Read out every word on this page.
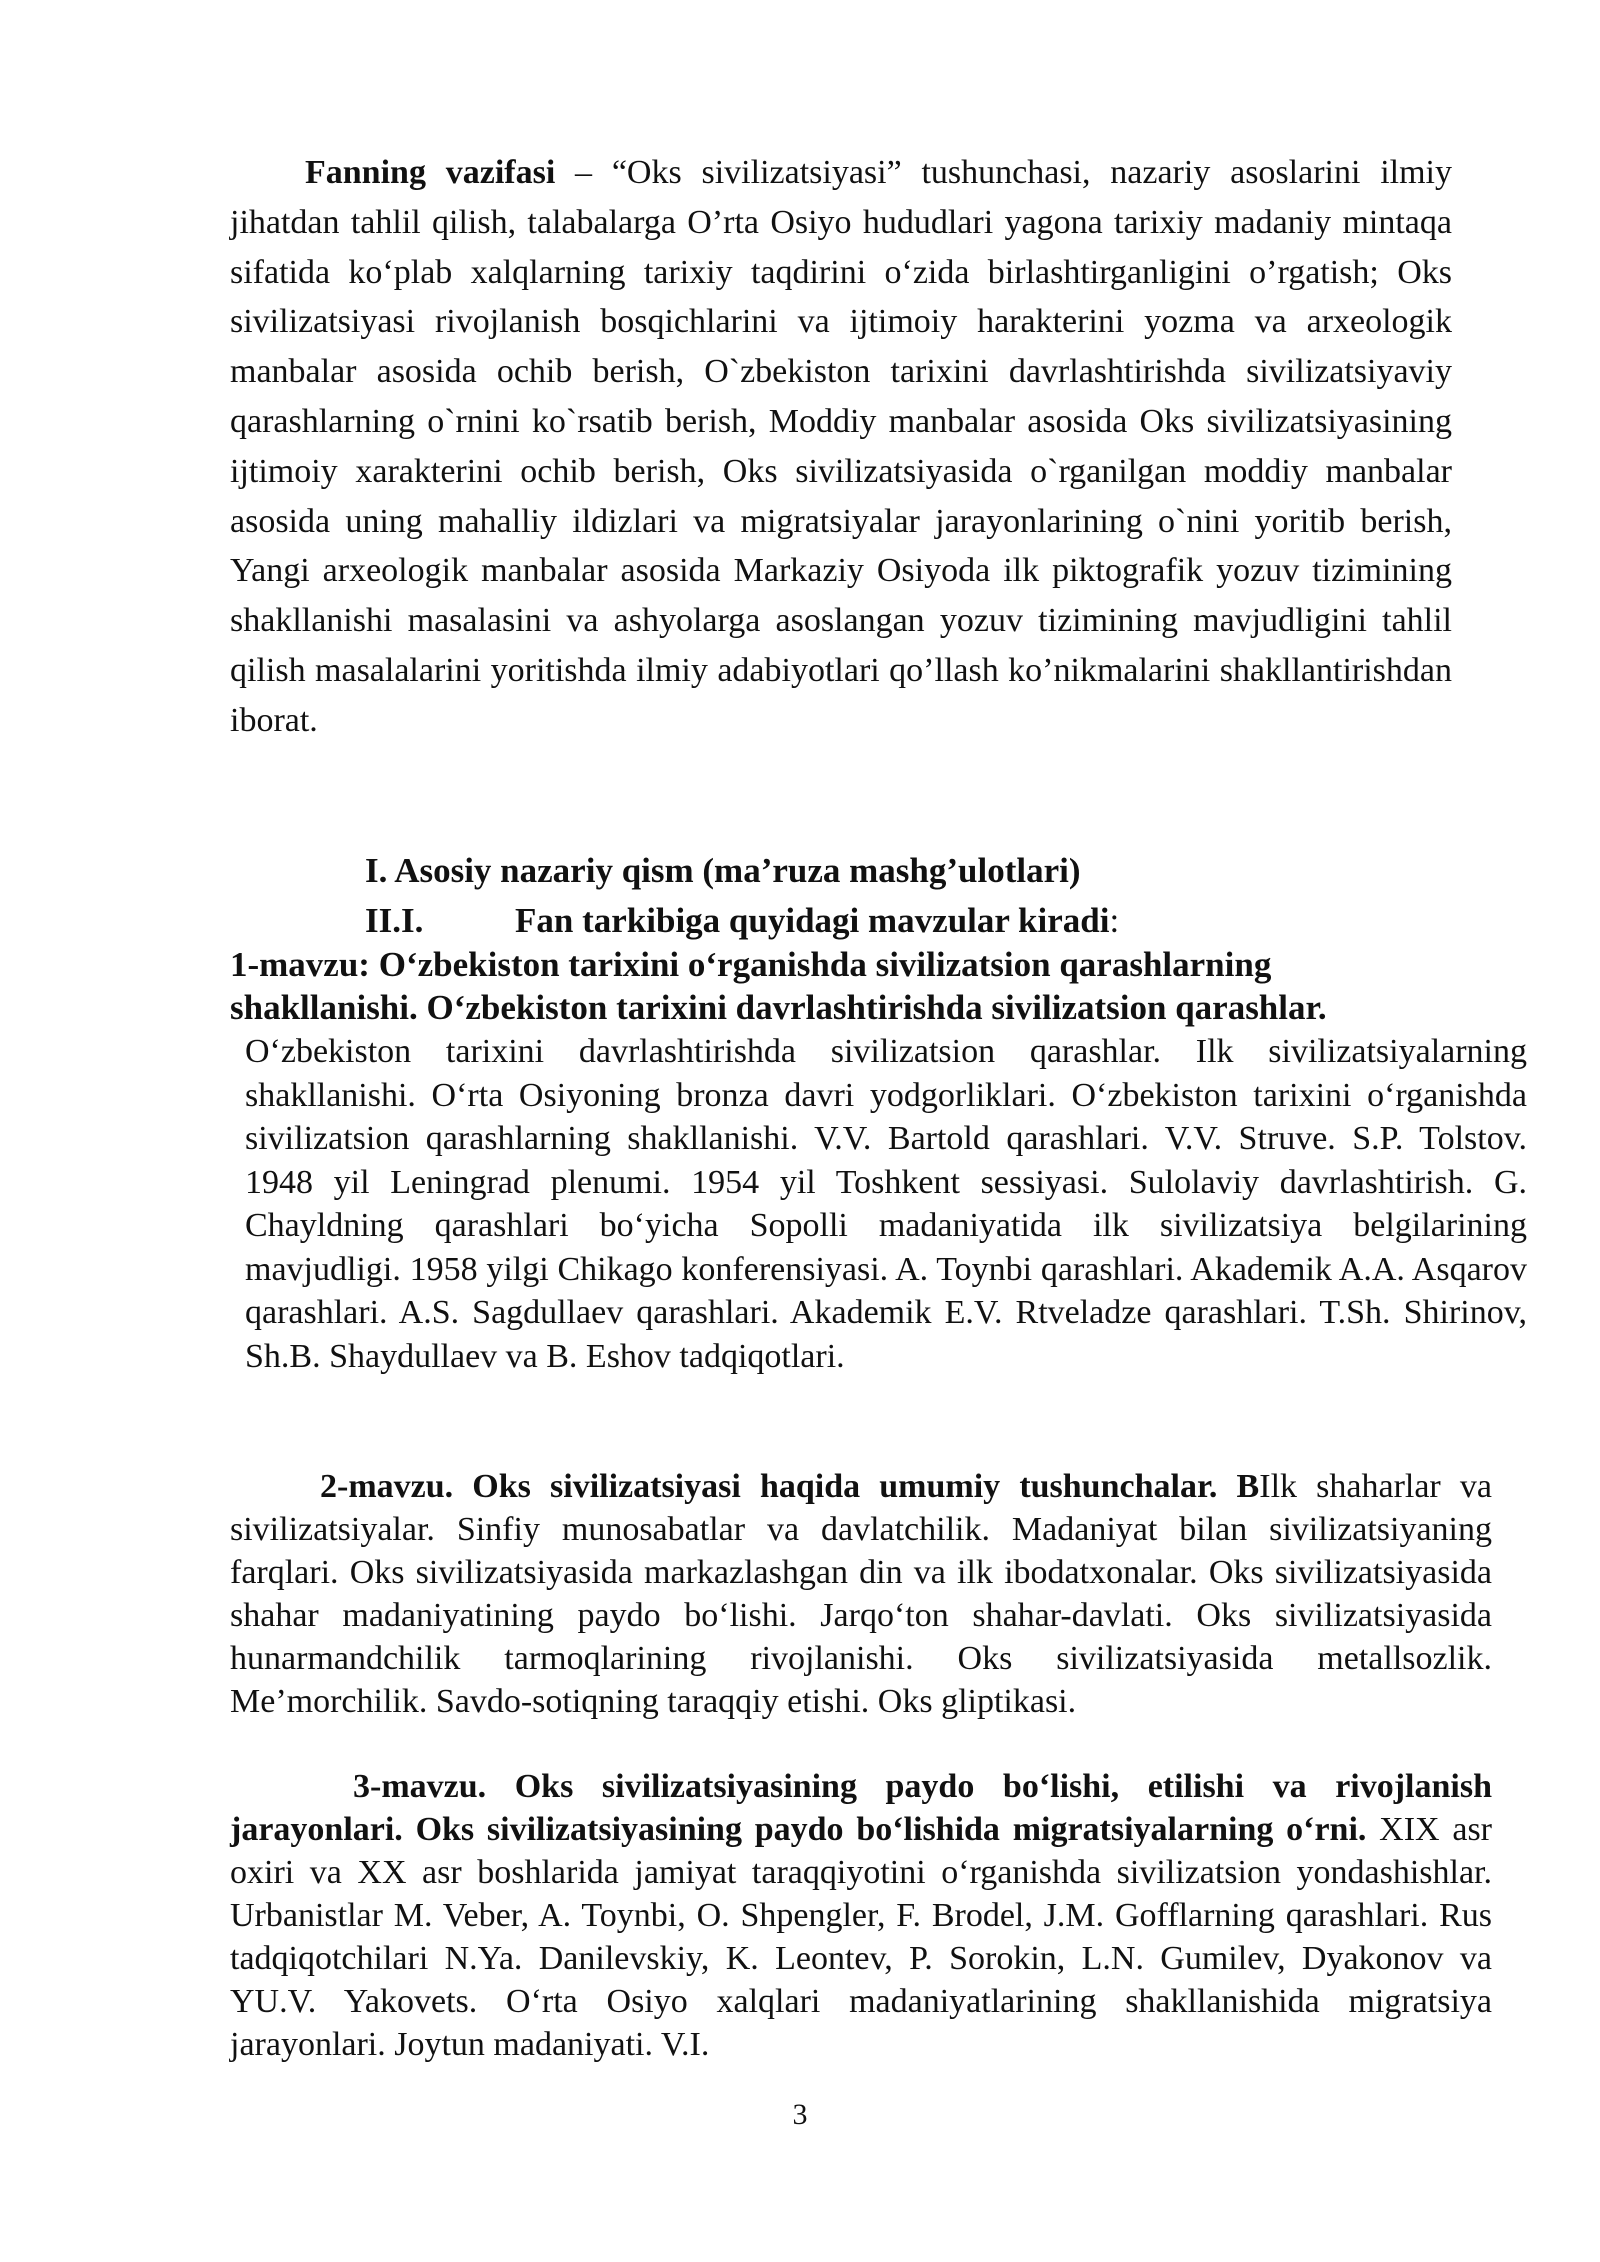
Fanning vazifasi – “Oks sivilizatsiyasi” tushunchasi, nazariy asoslarini ilmiy jihatdan tahlil qilish, talabalarga O’rta Osiyo hududlari yagona tarixiy madaniy mintaqa sifatida ko‘plab xalqlarning tarixiy taqdirini o‘zida birlashtirganligini o’rgatish; Oks sivilizatsiyasi rivojlanish bosqichlarini va ijtimoiy harakterini yozma va arxeologik manbalar asosida ochib berish, O`zbekiston tarixini davrlashtirishda sivilizatsiyaviy qarashlarning o`rnini ko`rsatib berish, Moddiy manbalar asosida Oks sivilizatsiyasining ijtimoiy xarakterini ochib berish, Oks sivilizatsiyasida o`rganilgan moddiy manbalar asosida uning mahalliy ildizlari va migratsiyalar jarayonlarining o`nini yoritib berish, Yangi arxeologik manbalar asosida Markaziy Osiyoda ilk piktografik yozuv tizimining shakllanishi masalasini va ashyolarga asoslangan yozuv tizimining mavjudligini tahlil qilish masalalarini yoritishda ilmiy adabiyotlari qo’llash ko’nikmalarini shakllantirishdan iborat.

I. Asosiy nazariy qism (ma’ruza mashg’ulotlari)
II.I.	Fan tarkibiga quyidagi mavzular kiradi:

1-mavzu: O‘zbekiston tarixini o‘rganishda sivilizatsion qarashlarning shakllanishi. O‘zbekiston tarixini davrlashtirishda sivilizatsion qarashlar.

O‘zbekiston tarixini davrlashtirishda sivilizatsion qarashlar. Ilk sivilizatsiyalarning shakllanishi. O‘rta Osiyoning bronza davri yodgorliklari. O‘zbekiston tarixini o‘rganishda sivilizatsion qarashlarning shakllanishi. V.V. Bartold qarashlari. V.V. Struve. S.P. Tolstov. 1948 yil Leningrad plenumi. 1954 yil Toshkent sessiyasi. Sulolaviy davrlashtirish. G. Chayldning qarashlari bo‘yicha Sopolli madaniyatida ilk sivilizatsiya belgilarining mavjudligi. 1958 yilgi Chikago konferensiyasi. A. Toynbi qarashlari. Akademik A.A. Asqarov qarashlari. A.S. Sagdullaev qarashlari. Akademik E.V. Rtveladze qarashlari. T.Sh. Shirinov, Sh.B. Shaydullaev va B. Eshov tadqiqotlari.

2-mavzu. Oks sivilizatsiyasi haqida umumiy tushunchalar. BIlk shaharlar va sivilizatsiyalar. Sinfiy munosabatlar va davlatchilik. Madaniyat bilan sivilizatsiyaning farqlari. Oks sivilizatsiyasida markazlashgan din va ilk ibodatxonalar. Oks sivilizatsiyasida shahar madaniyatining paydo bo‘lishi. Jarqo‘ton shahar-davlati. Oks sivilizatsiyasida hunarmandchilik tarmoqlarining rivojlanishi. Oks sivilizatsiyasida metallsozlik. Me’morchilik. Savdo-sotiqning taraqqiy etishi. Oks gliptikasi.

3-mavzu. Oks sivilizatsiyasining paydo bo‘lishi, etilishi va rivojlanish jarayonlari. Oks sivilizatsiyasining paydo bo‘lishida migratsiyalarning o‘rni. XIX asr oxiri va XX asr boshlarida jamiyat taraqqiyotini o‘rganishda sivilizatsion yondashishlar. Urbanistlar M. Veber, A. Toynbi, O. Shpengler, F. Brodel, J.M. Gofflarning qarashlari. Rus tadqiqotchilari N.Ya. Danilevskiy, K. Leontev, P. Sorokin, L.N. Gumilev, Dyakonov va YU.V. Yakovets. O‘rta Osiyo xalqlari madaniyatlarining shakllanishida migratsiya jarayonlari. Joytun madaniyati. V.I.

3
